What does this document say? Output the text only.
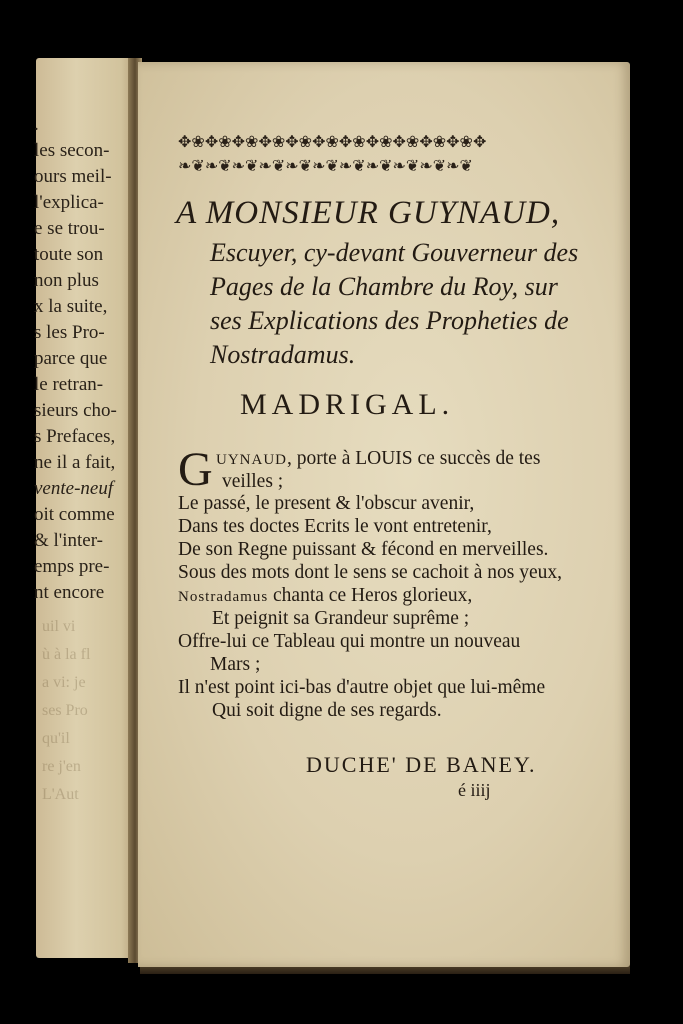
.
les secon-
ours meil-
l'explica-
e se trou-
toute son
non plus
x la suite,
s les Pro-
parce que
le retran-
sieurs cho-
s Prefaces,
ne il a fait,
vente-neuf
oit comme
& l'inter-
emps pre-
nt encore
uil vi
ù à la fl
a vi: je
ses Pro
qu'il
re j'en
L'Aut
✥❀✥❀✥❀✥❀✥❀✥❀✥❀✥❀✥❀✥❀✥❀✥
❧❦❧❦❧❦❧❦❧❦❧❦❧❦❧❦❧❦❧❦❧❦
A MONSIEUR GUYNAUD,
Escuyer, cy-devant Gouverneur des
Pages de la Chambre du Roy, sur
ses Explications des Propheties de
Nostradamus.
MADRIGAL.
G UYNAUD, porte à LOUIS ce succès de tes
veilles ;
Le passé, le present & l'obscur avenir,
Dans tes doctes Ecrits le vont entretenir,
De son Regne puissant & fécond en merveilles.
Sous des mots dont le sens se cachoit à nos yeux,
Nostradamus chanta ce Heros glorieux,
Et peignit sa Grandeur suprême ;
Offre-lui ce Tableau qui montre un nouveau
Mars ;
Il n'est point ici-bas d'autre objet que lui-même
Qui soit digne de ses regards.
DUCHE' DE BANEY.
é iiij
